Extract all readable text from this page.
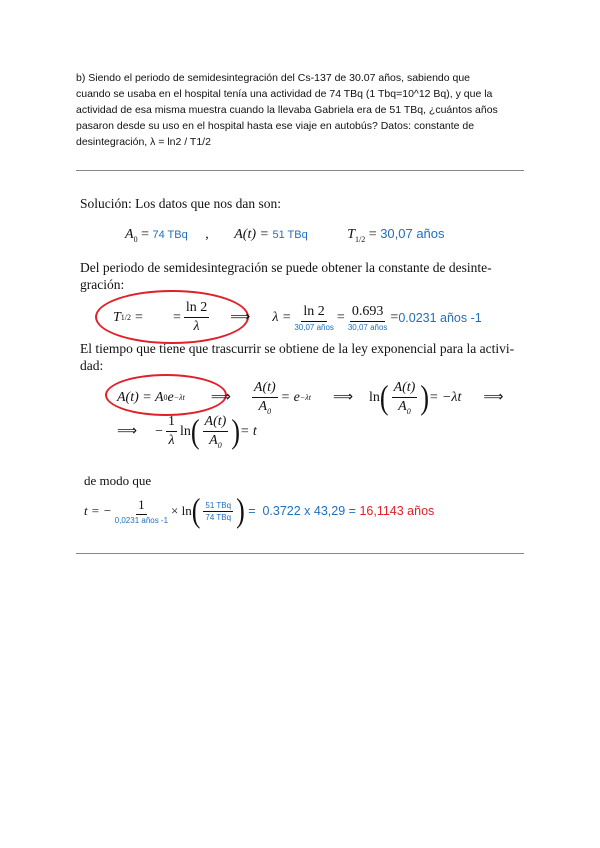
b) Siendo el periodo de semidesintegración del Cs-137 de 30.07 años, sabiendo que
cuando se usaba en el hospital tenía una actividad de 74 TBq (1 Tbq=10^12 Bq), y que la
actividad de esa misma muestra cuando la llevaba Gabriela era de 51 TBq, ¿cuántos años
pasaron desde su uso en el hospital hasta ese viaje en autobús? Datos: constante de
desintegración, λ = ln2 / T1/2
Solución: Los datos que nos dan son:
$A_0 = 74$ TBq , A(t) = 51 TBq	$T_{1/2} = 30,07$ años
Del periodo de semidesintegración se puede obtener la constante de desinte-
gración:
T 1/2 = = $\frac{\ln 2}{\lambda}$ ⟹ $\lambda = \frac{\ln 2}{\text{30,07 años}} = \frac{0.693}{\text{30,07 años}} = 0.0231$ años -1
El tiempo que tiene que trascurrir se obtiene de la ley exponencial para la activi-
dad:
A(t) = A 0 e −λt ⟹ $\frac{A(t)}{A_0} = e -\lambda t$ ⟹ ln ( $\frac{A(t)}{A_0}$ ) = −λt ⟹
⟹ − $\frac{1}{\lambda}$ ln ( $\frac{A(t)}{A_0}$ ) = t
de modo que
t = − $\frac{1}{\text{0,0231 años -1}} \times \ln$ ( $\frac{\text{51 TBq}}{\text{74 TBq}}$ ) =  0.3722 x 43,29 = 16,1143 años
